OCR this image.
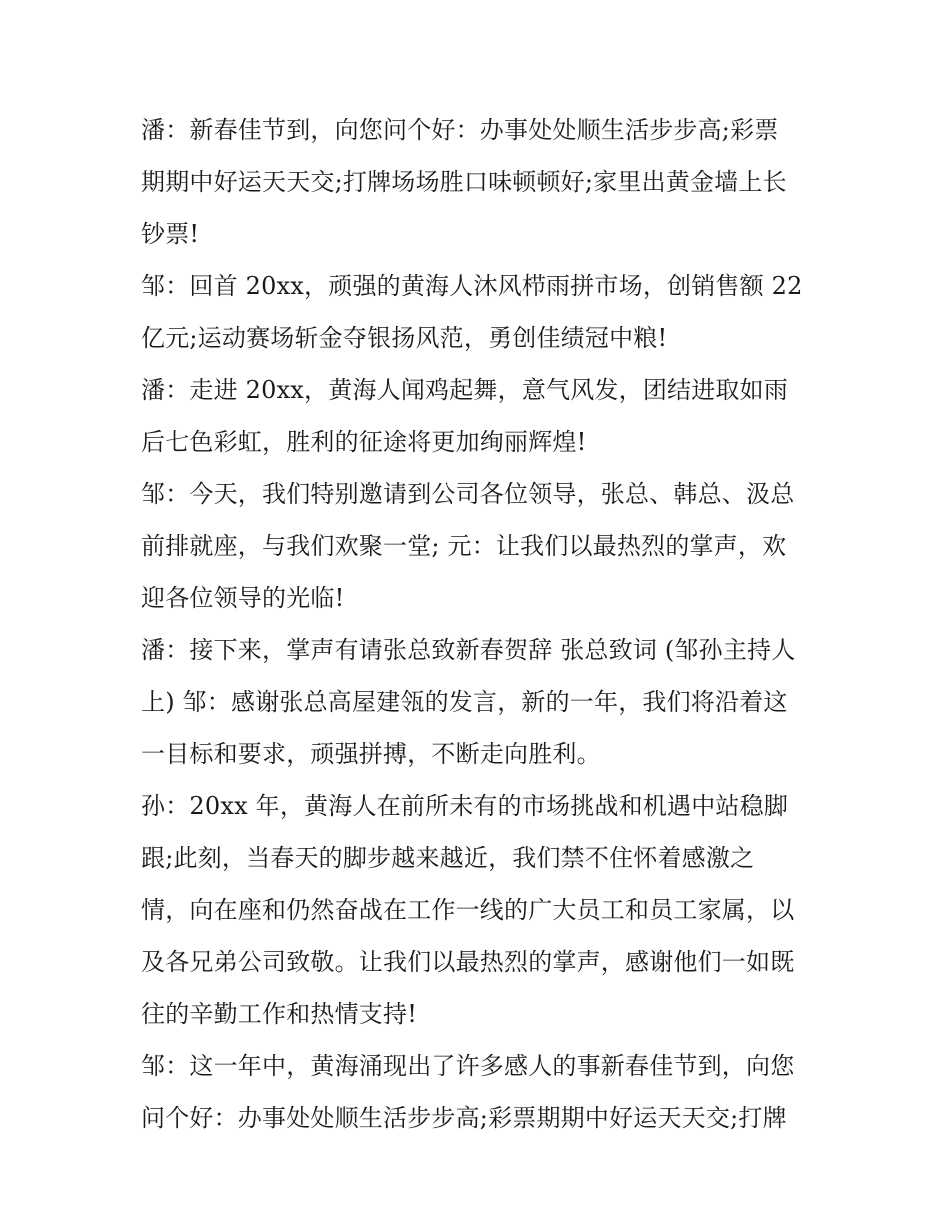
潘：新春佳节到，向您问个好：办事处处顺生活步步高;彩票
期期中好运天天交;打牌场场胜口味顿顿好;家里出黄金墙上长
钞票!
邹：回首 20xx，顽强的黄海人沐风栉雨拼市场，创销售额 22
亿元;运动赛场斩金夺银扬风范，勇创佳绩冠中粮!
潘：走进 20xx，黄海人闻鸡起舞，意气风发，团结进取如雨
后七色彩虹，胜利的征途将更加绚丽辉煌!
邹：今天，我们特别邀请到公司各位领导，张总、韩总、汲总
前排就座，与我们欢聚一堂; 元：让我们以最热烈的掌声，欢
迎各位领导的光临!
潘：接下来，掌声有请张总致新春贺辞 张总致词 (邹孙主持人
上) 邹：感谢张总高屋建瓴的发言，新的一年，我们将沿着这
一目标和要求，顽强拼搏，不断走向胜利。
孙：20xx 年，黄海人在前所未有的市场挑战和机遇中站稳脚
跟;此刻，当春天的脚步越来越近，我们禁不住怀着感激之
情，向在座和仍然奋战在工作一线的广大员工和员工家属，以
及各兄弟公司致敬。让我们以最热烈的掌声，感谢他们一如既
往的辛勤工作和热情支持!
邹：这一年中，黄海涌现出了许多感人的事新春佳节到，向您
问个好：办事处处顺生活步步高;彩票期期中好运天天交;打牌
